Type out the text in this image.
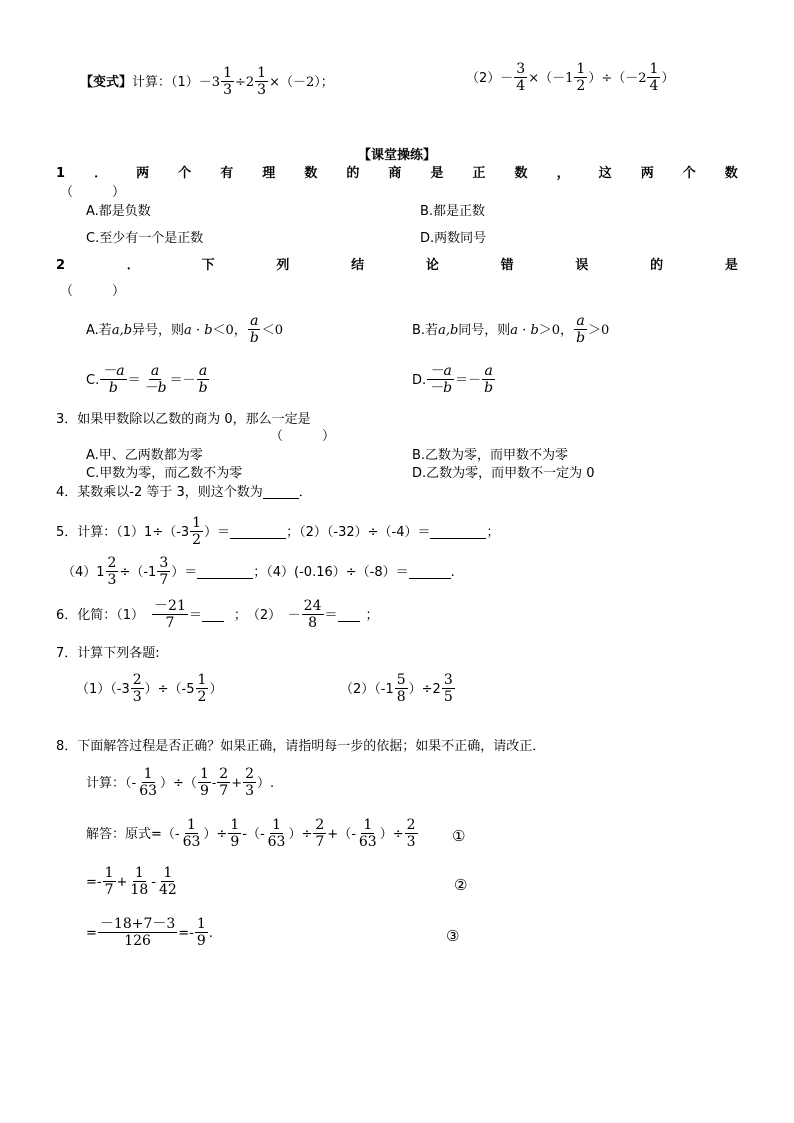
【变式】 计算：$(1) -3 \frac{1}{3} \div 2 \frac{1}{3} \times(-2)$；	$(2) - \frac{3}{4} \times(-1 \frac{1}{2} )\div(-2 \frac{1}{4}$ ）
【课堂操练】
1 ． 两 个 有 理 数 的 商 是 正 数 ， 这 两 个 数
（　　　）
A.都是负数	B.都是正数
C.至少有一个是正数	D.两数同号
2	．	下	列	结	论	错	误	的	是
（　　　）
A.若 a,b 异号，则 a · b ＜0， $\frac{a}{b} <0$	B.若 a,b 同号，则 a · b ＞0， $\frac{a}{b} >0$
C. $\frac{-a}{b} = \frac{a}{-b} =- \frac{a}{b}$	D. $\frac{-a}{-b} =- \frac{a}{b}$
3．如果甲数除以乙数的商为 0，那么一定是
（　　　）
A.甲、乙两数都为零	B.乙数为零，而甲数不为零
C.甲数为零，而乙数不为零	D.乙数为零，而甲数不一定为 0
4．某数乘以-2 等于 3，则这个数为	．
5．计算：$(1)1\div(-3 \frac{1}{2}$ ）＝	；（2）（-32）÷（-4）＝	；
$(4)1 \frac{2}{3} \div(-1 \frac{3}{7}$ ）＝	；（4）(-0.16）÷（-8）＝	.
6．化简：$(1) \frac{-21}{7}$ ＝ ；　（2）　－ $\frac{24}{8}$ ＝ ；
7．计算下列各题:
$(1)(-3 \frac{2}{3} )\div(-5 \frac{1}{2}$ ）	$(2)(-1 \frac{5}{8} )\div 2 \frac{3}{5}$
8．下面解答过程是否正确？如果正确，请指明每一步的依据；如果不正确，请改正．
计算：（- $\frac{1}{63}$ ）÷（ $\frac{1}{9} - \frac{2}{7} + \frac{2}{3}$ ）.
解答：原式=（- $\frac{1}{63}$ ）÷ $\frac{1}{9}$ -（- $\frac{1}{63}$ ）÷ $\frac{2}{7}$ +（- $\frac{1}{63}$ ）÷ $\frac{2}{3}$ ①
=- $\frac{1}{7} + \frac{1}{18} - \frac{1}{42}$	②
= $\frac{-18+7-3}{126} =- \frac{1}{9}$ .	③
